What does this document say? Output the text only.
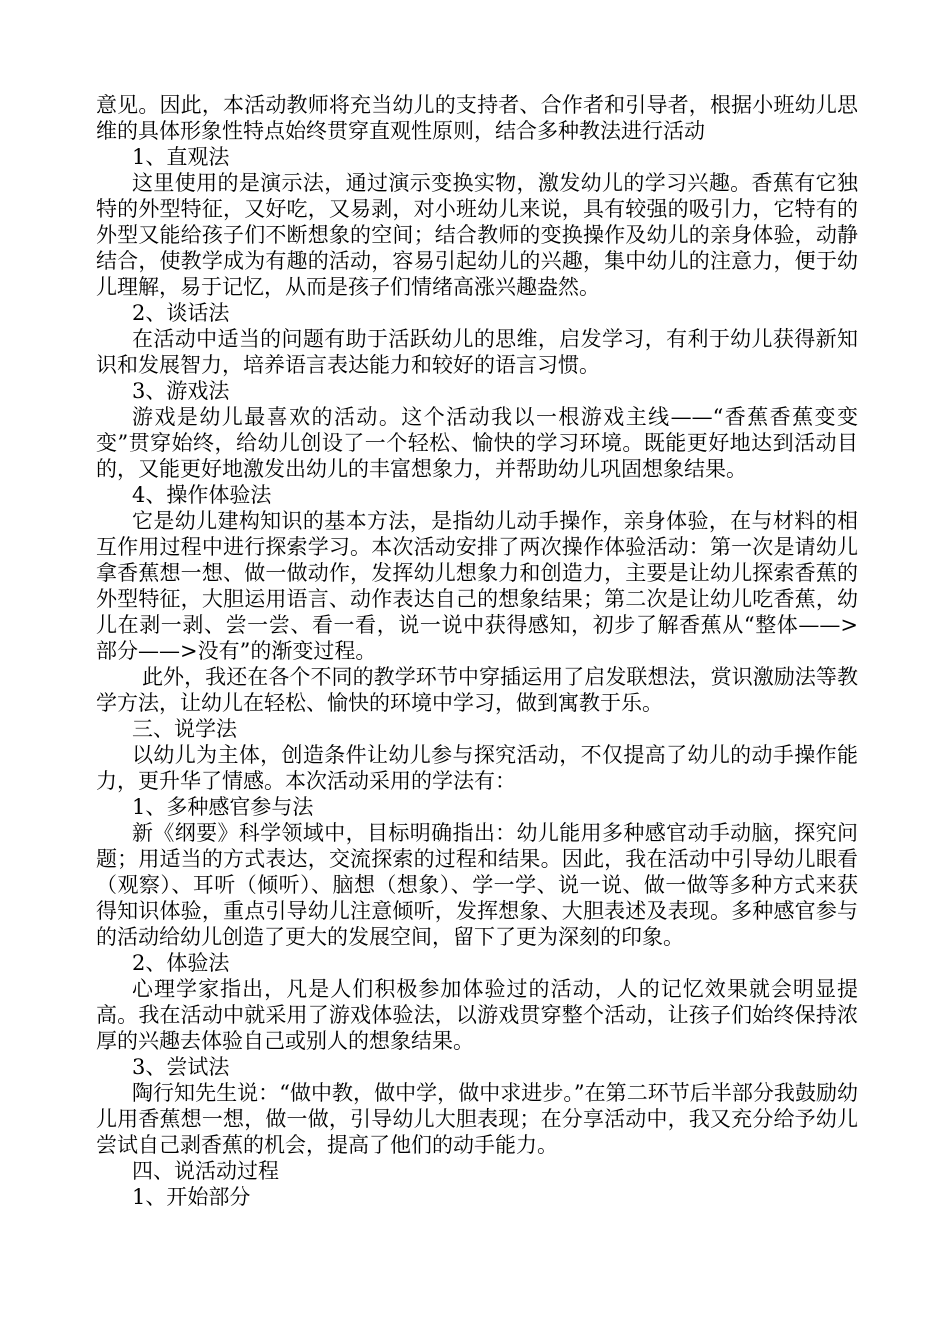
意见。因此，本活动教师将充当幼儿的支持者、合作者和引导者，根据小班幼儿思维的具体形象性特点始终贯穿直观性原则，结合多种教法进行活动

1、直观法

这里使用的是演示法，通过演示变换实物，激发幼儿的学习兴趣。香蕉有它独特的外型特征，又好吃，又易剥，对小班幼儿来说，具有较强的吸引力，它特有的外型又能给孩子们不断想象的空间；结合教师的变换操作及幼儿的亲身体验，动静结合，使教学成为有趣的活动，容易引起幼儿的兴趣，集中幼儿的注意力，便于幼儿理解，易于记忆，从而是孩子们情绪高涨兴趣盎然。

2、谈话法

在活动中适当的问题有助于活跃幼儿的思维，启发学习，有利于幼儿获得新知识和发展智力，培养语言表达能力和较好的语言习惯。

3、游戏法

游戏是幼儿最喜欢的活动。这个活动我以一根游戏主线——“香蕉香蕉变变变”贯穿始终，给幼儿创设了一个轻松、愉快的学习环境。既能更好地达到活动目的，又能更好地激发出幼儿的丰富想象力，并帮助幼儿巩固想象结果。

4、操作体验法

它是幼儿建构知识的基本方法，是指幼儿动手操作，亲身体验，在与材料的相互作用过程中进行探索学习。本次活动安排了两次操作体验活动：第一次是请幼儿拿香蕉想一想、做一做动作，发挥幼儿想象力和创造力，主要是让幼儿探索香蕉的外型特征，大胆运用语言、动作表达自己的想象结果；第二次是让幼儿吃香蕉，幼儿在剥一剥、尝一尝、看一看，说一说中获得感知，初步了解香蕉从“整体——>部分——>没有”的渐变过程。

此外，我还在各个不同的教学环节中穿插运用了启发联想法，赏识激励法等教学方法，让幼儿在轻松、愉快的环境中学习，做到寓教于乐。

三、说学法

以幼儿为主体，创造条件让幼儿参与探究活动，不仅提高了幼儿的动手操作能力，更升华了情感。本次活动采用的学法有：

1、多种感官参与法

新《纲要》科学领域中，目标明确指出：幼儿能用多种感官动手动脑，探究问题；用适当的方式表达，交流探索的过程和结果。因此，我在活动中引导幼儿眼看（观察）、耳听（倾听）、脑想（想象）、学一学、说一说、做一做等多种方式来获得知识体验，重点引导幼儿注意倾听，发挥想象、大胆表述及表现。多种感官参与的活动给幼儿创造了更大的发展空间，留下了更为深刻的印象。

2、体验法

心理学家指出，凡是人们积极参加体验过的活动，人的记忆效果就会明显提高。我在活动中就采用了游戏体验法，以游戏贯穿整个活动，让孩子们始终保持浓厚的兴趣去体验自己或别人的想象结果。

3、尝试法

陶行知先生说：“做中教，做中学，做中求进步。”在第二环节后半部分我鼓励幼儿用香蕉想一想，做一做，引导幼儿大胆表现；在分享活动中，我又充分给予幼儿尝试自己剥香蕉的机会，提高了他们的动手能力。

四、说活动过程

1、开始部分
